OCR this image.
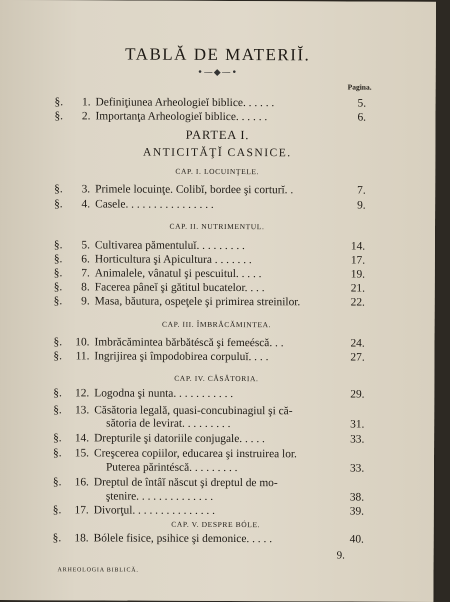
TABLĂ DE MATERIĬ.
•—◆—•
Pagina.
§.	1. Definiţiunea Arheologieĭ biblice. . . . . .	5.
§.	2. Importanţa Arheologieĭ biblice. . . . . .	6.
PARTEA I.
ANTICITĂŢĬ CASNICE.
CAP. I. LOCUINŢELE.
§.	3. Primele locuinţe. Colibĭ, bordee şi corturĭ. .	7.
§.	4. Casele. . . . . . . . . . . . . . . .	9.
CAP. II. NUTRIMENTUL.
§.	5. Cultivarea pămentuluĭ. . . . . . . . .	14.
§.	6. Horticultura şi Apicultura . . . . . . .	17.
§.	7. Animalele, vânatul şi pescuitul. . . . .	19.
§.	8. Facerea pâneĭ şi gătitul bucatelor. . . .	21.
§.	9. Masa, băutura, ospeţele şi primirea streinilor.	22.
CAP. III. ÎMBRĂCĂMINTEA.
§.	10. Imbrăcămintea bărbătéscă şi femeéscă. . .	24.
§.	11. Ingrijirea şi împodobirea corpuluĭ. . . .	27.
CAP. IV. CĂSĂTORIA.
§.	12. Logodna şi nunta. . . . . . . . . . .	29.
§.	13. Căsătoria legală, quasi-concubinagiul şi că-
sătoria de levirat. . . . . . . . .	31.
§.	14. Drepturile şi datoriile conjugale. . . . .	33.
§.	15. Creşcerea copiilor, educarea şi instruirea lor.
Puterea părintéscă. . . . . . . . .	33.
§.	16. Dreptul de întâĭ născut şi dreptul de mo-
ştenire. . . . . . . . . . . . . .	38.
§.	17. Divorţul. . . . . . . . . . . . . . .	39.
CAP. V. DESPRE BÓLE.
§.	18. Bólele fisice, psihice şi demonice. . . . .	40.
9.
ARHEOLOGIA BIBLICĂ.
